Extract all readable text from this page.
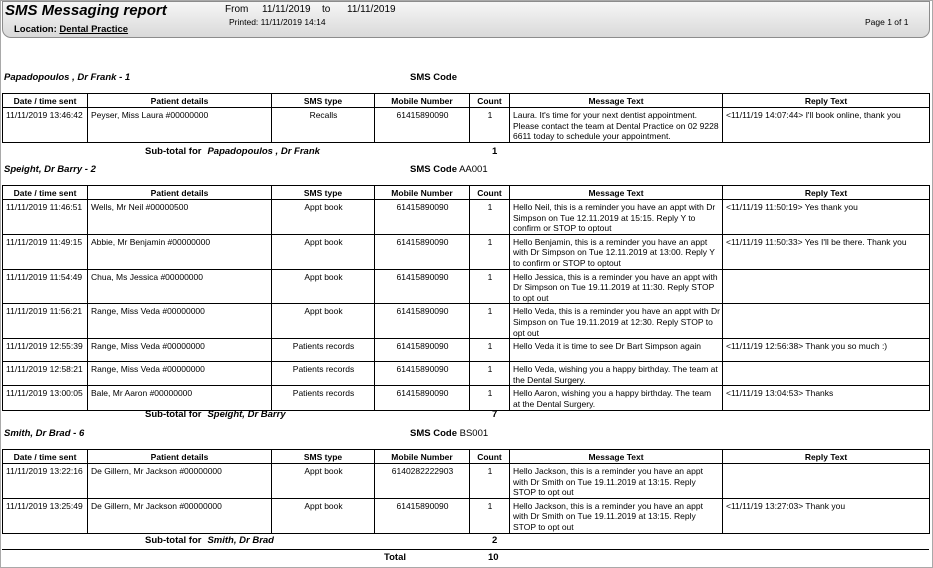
SMS Messaging report
Location: Dental Practice
From 11/11/2019 to 11/11/2019
Printed: 11/11/2019 14:14	Page 1 of 1
Papadopoulos , Dr Frank - 1	SMS Code
Date / time sent	Patient details	SMS type	Mobile Number	Count	Message Text	Reply Text
11/11/2019 13:46:42	Peyser, Miss Laura #00000000	Recalls	61415890090	1	Laura. It's time for your next dentist appointment. Please contact the team at Dental Practice on 02 9228 6611 today to schedule your appointment.	<11/11/19 14:07:44> I'll book online, thank you
Sub-total for Papadopoulos , Dr Frank	1
Speight, Dr Barry - 2	SMS Code AA001
Date / time sent	Patient details	SMS type	Mobile Number	Count	Message Text	Reply Text
11/11/2019 11:46:51	Wells, Mr Neil #00000500	Appt book	61415890090	1	Hello Neil, this is a reminder you have an appt with Dr Simpson on Tue 12.11.2019 at 15:15. Reply Y to confirm or STOP to optout	<11/11/19 11:50:19> Yes thank you
11/11/2019 11:49:15	Abbie, Mr Benjamin #00000000	Appt book	61415890090	1	Hello Benjamin, this is a reminder you have an appt with Dr Simpson on Tue 12.11.2019 at 13:00. Reply Y to confirm or STOP to optout	<11/11/19 11:50:33> Yes I'll be there. Thank you
11/11/2019 11:54:49	Chua, Ms Jessica #00000000	Appt book	61415890090	1	Hello Jessica, this is a reminder you have an appt with Dr Simpson on Tue 19.11.2019 at 11:30. Reply STOP to opt out	
11/11/2019 11:56:21	Range, Miss Veda #00000000	Appt book	61415890090	1	Hello Veda, this is a reminder you have an appt with Dr Simpson on Tue 19.11.2019 at 12:30. Reply STOP to opt out	
11/11/2019 12:55:39	Range, Miss Veda #00000000	Patients records	61415890090	1	Hello Veda it is time to see Dr Bart Simpson again	<11/11/19 12:56:38> Thank you so much :)
11/11/2019 12:58:21	Range, Miss Veda #00000000	Patients records	61415890090	1	Hello Veda, wishing you a happy birthday. The team at the Dental Surgery.	
11/11/2019 13:00:05	Bale, Mr Aaron #00000000	Patients records	61415890090	1	Hello Aaron, wishing you a happy birthday. The team at the Dental Surgery.	<11/11/19 13:04:53> Thanks
Sub-total for Speight, Dr Barry	7
Smith, Dr Brad - 6	SMS Code BS001
Date / time sent	Patient details	SMS type	Mobile Number	Count	Message Text	Reply Text
11/11/2019 13:22:16	De Gillern, Mr Jackson #00000000	Appt book	6140282222903	1	Hello Jackson, this is a reminder you have an appt with Dr Smith on Tue 19.11.2019 at 13:15. Reply STOP to opt out	
11/11/2019 13:25:49	De Gillern, Mr Jackson #00000000	Appt book	61415890090	1	Hello Jackson, this is a reminder you have an appt with Dr Smith on Tue 19.11.2019 at 13:15. Reply STOP to opt out	<11/11/19 13:27:03> Thank you
Sub-total for Smith, Dr Brad	2
Total	10
